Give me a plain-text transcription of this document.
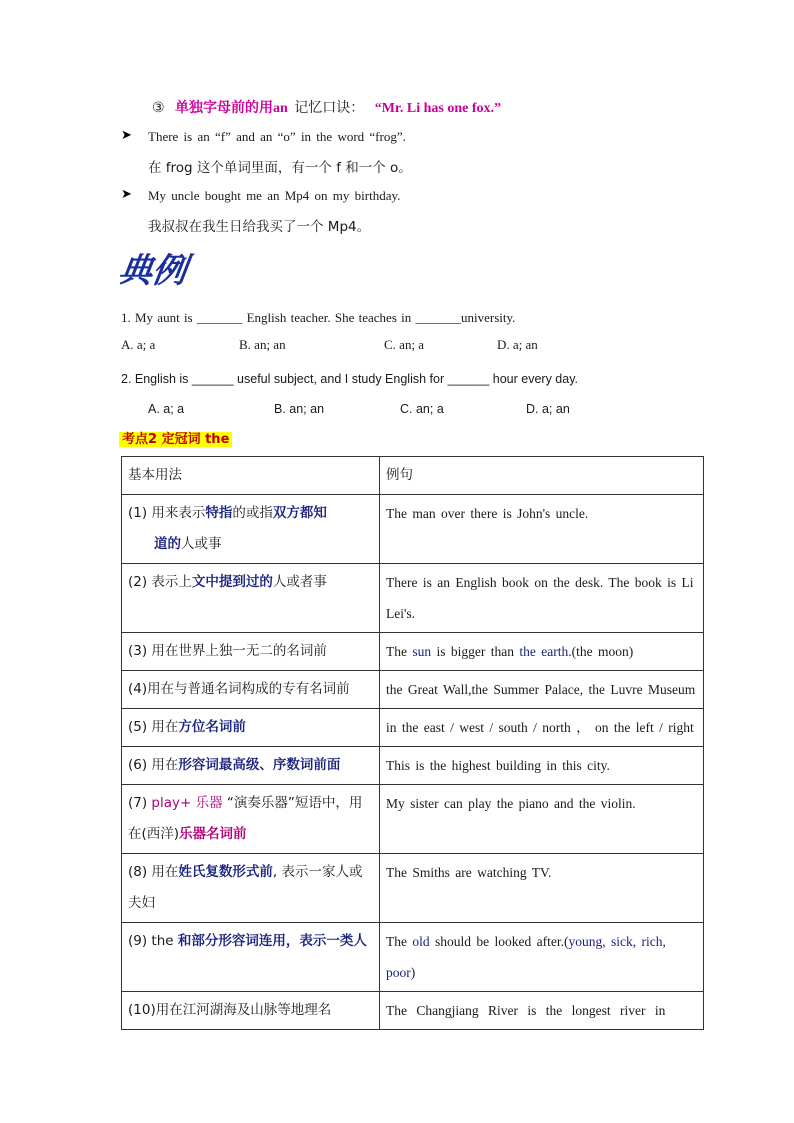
③ 单独字母前的用an 记忆口诀： “Mr. Li has one fox.”
➤ There is an “f” and an “o” in the word “frog”.
在 frog 这个单词里面，有一个 f 和一个 o。
➤ My uncle bought me an Mp4 on my birthday.
我叔叔在我生日给我买了一个 Mp4。
典例
1. My aunt is _______ English teacher. She teaches in _______university.
A. a; a	B. an; an	C. an; a	D. a; an
2. English is ______ useful subject, and I study English for ______ hour every day.
A. a; a	B. an; an	C. an; a	D. a; an
考点2 定冠词 the
基本用法	例句
(1) 用来表示特指的或指双方都知
道的人或事	The man over there is John's uncle.
(2) 表示上文中提到过的人或者事	There is an English book on the desk. The book is Li Lei's.
(3) 用在世界上独一无二的名词前	The sun is bigger than the earth.(the moon)
(4)用在与普通名词构成的专有名词前	the Great Wall,the Summer Palace, the Luvre Museum
(5) 用在方位名词前	in the east / west / south / north ， on the left / right
(6) 用在形容词最高级、序数词前面	This is the highest building in this city.
(7) play+ 乐器 “演奏乐器”短语中，用在(西洋)乐器名词前	My sister can play the piano and the violin.
(8) 用在姓氏复数形式前, 表示一家人或夫妇	The Smiths are watching TV.
(9) the 和部分形容词连用，表示一类人	The old should be looked after.(young, sick, rich, poor)
(10)用在江河湖海及山脉等地理名	The Changjiang River is the longest river in
